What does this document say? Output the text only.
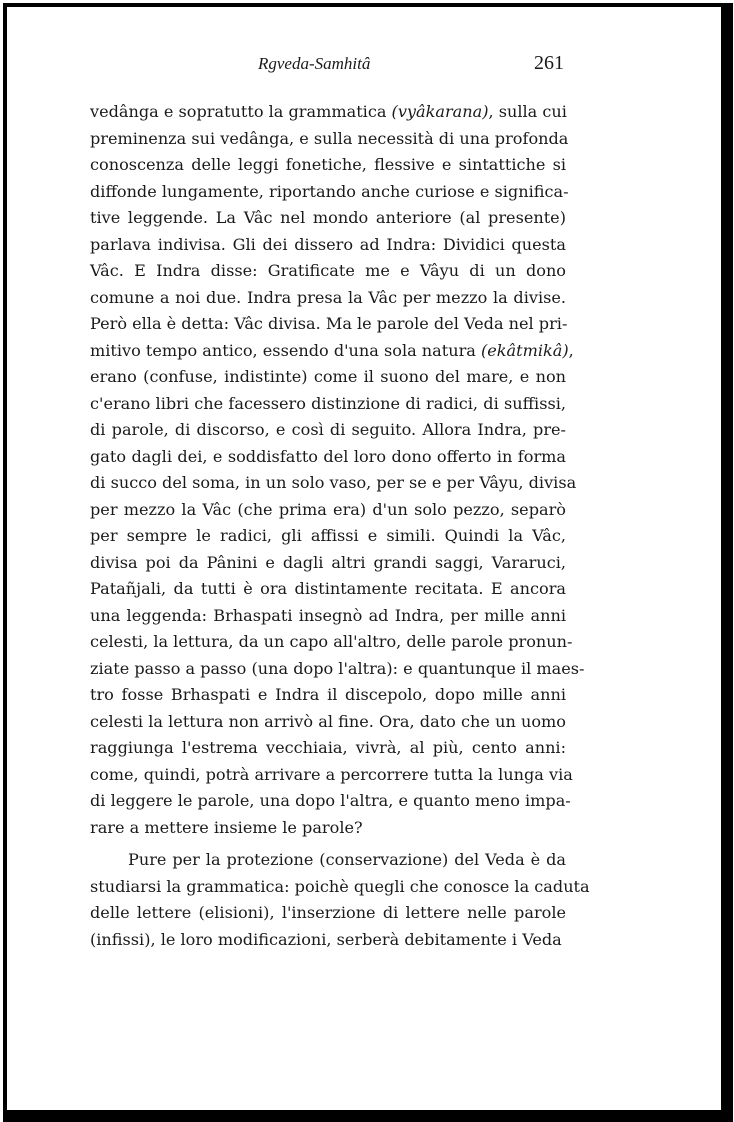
Rgveda-Samhitâ	261
vedânga e sopratutto la grammatica (vyâkarana), sulla cui
preminenza sui vedânga, e sulla necessità di una profonda
conoscenza delle leggi fonetiche, flessive e sintattiche si
diffonde lungamente, riportando anche curiose e significa-
tive leggende. La Vâc nel mondo anteriore (al presente)
parlava indivisa. Gli dei dissero ad Indra: Dividici questa
Vâc. E Indra disse: Gratificate me e Vâyu di un dono
comune a noi due. Indra presa la Vâc per mezzo la divise.
Però ella è detta: Vâc divisa. Ma le parole del Veda nel pri-
mitivo tempo antico, essendo d'una sola natura (ekâtmikâ),
erano (confuse, indistinte) come il suono del mare, e non
c'erano libri che facessero distinzione di radici, di suffissi,
di parole, di discorso, e così di seguito. Allora Indra, pre-
gato dagli dei, e soddisfatto del loro dono offerto in forma
di succo del soma, in un solo vaso, per se e per Vâyu, divisa
per mezzo la Vâc (che prima era) d'un solo pezzo, separò
per sempre le radici, gli affissi e simili. Quindi la Vâc,
divisa poi da Pânini e dagli altri grandi saggi, Vararuci,
Patañjali, da tutti è ora distintamente recitata. E ancora
una leggenda: Brhaspati insegnò ad Indra, per mille anni
celesti, la lettura, da un capo all'altro, delle parole pronun-
ziate passo a passo (una dopo l'altra): e quantunque il maes-
tro fosse Brhaspati e Indra il discepolo, dopo mille anni
celesti la lettura non arrivò al fine. Ora, dato che un uomo
raggiunga l'estrema vecchiaia, vivrà, al più, cento anni:
come, quindi, potrà arrivare a percorrere tutta la lunga via
di leggere le parole, una dopo l'altra, e quanto meno impa-
rare a mettere insieme le parole?
Pure per la protezione (conservazione) del Veda è da
studiarsi la grammatica: poichè quegli che conosce la caduta
delle lettere (elisioni), l'inserzione di lettere nelle parole
(infissi), le loro modificazioni, serberà debitamente i Veda
